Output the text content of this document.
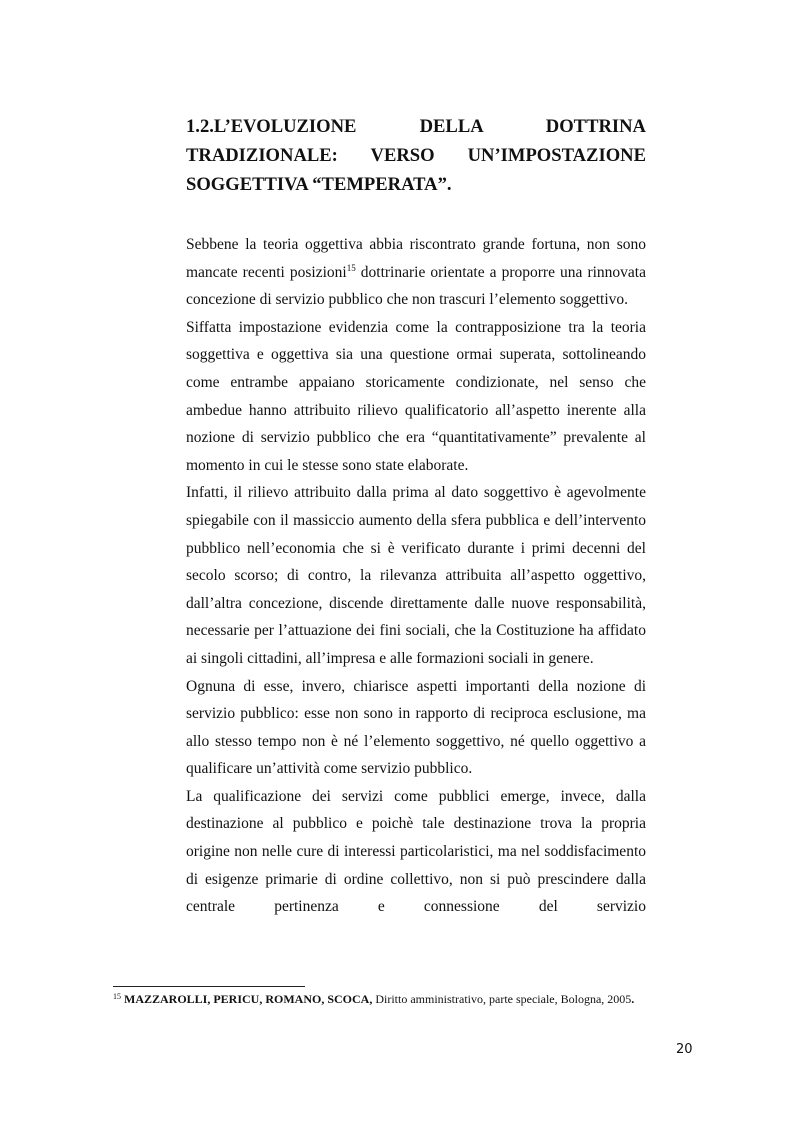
1.2.L’EVOLUZIONE DELLA DOTTRINA
TRADIZIONALE: VERSO UN’IMPOSTAZIONE
SOGGETTIVA “TEMPERATA”.

Sebbene la teoria oggettiva abbia riscontrato grande fortuna, non sono mancate recenti posizioni$^{15}$ dottrinarie orientate a proporre una rinnovata concezione di servizio pubblico che non trascuri l’elemento soggettivo.

Siffatta impostazione evidenzia come la contrapposizione tra la teoria soggettiva e oggettiva sia una questione ormai superata, sottolineando come entrambe appaiano storicamente condizionate, nel senso che ambedue hanno attribuito rilievo qualificatorio all’aspetto inerente alla nozione di servizio pubblico che era “quantitativamente” prevalente al momento in cui le stesse sono state elaborate.

Infatti, il rilievo attribuito dalla prima al dato soggettivo è agevolmente spiegabile con il massiccio aumento della sfera pubblica e dell’intervento pubblico nell’economia che si è verificato durante i primi decenni del secolo scorso; di contro, la rilevanza attribuita all’aspetto oggettivo, dall’altra concezione, discende direttamente dalle nuove responsabilità, necessarie per l’attuazione dei fini sociali, che la Costituzione ha affidato ai singoli cittadini, all’impresa e alle formazioni sociali in genere.

Ognuna di esse, invero, chiarisce aspetti importanti della nozione di servizio pubblico: esse non sono in rapporto di reciproca esclusione, ma allo stesso tempo non è né l’elemento soggettivo, né quello oggettivo a qualificare un’attività come servizio pubblico.

La qualificazione dei servizi come pubblici emerge, invece, dalla destinazione al pubblico e poichè tale destinazione trova la propria origine non nelle cure di interessi particolaristici, ma nel soddisfacimento di esigenze primarie di ordine collettivo, non si può prescindere dalla centrale pertinenza e connessione del servizio

$^{15}$ MAZZAROLLI, PERICU, ROMANO, SCOCA, Diritto amministrativo, parte speciale, Bologna, 2005.
20
